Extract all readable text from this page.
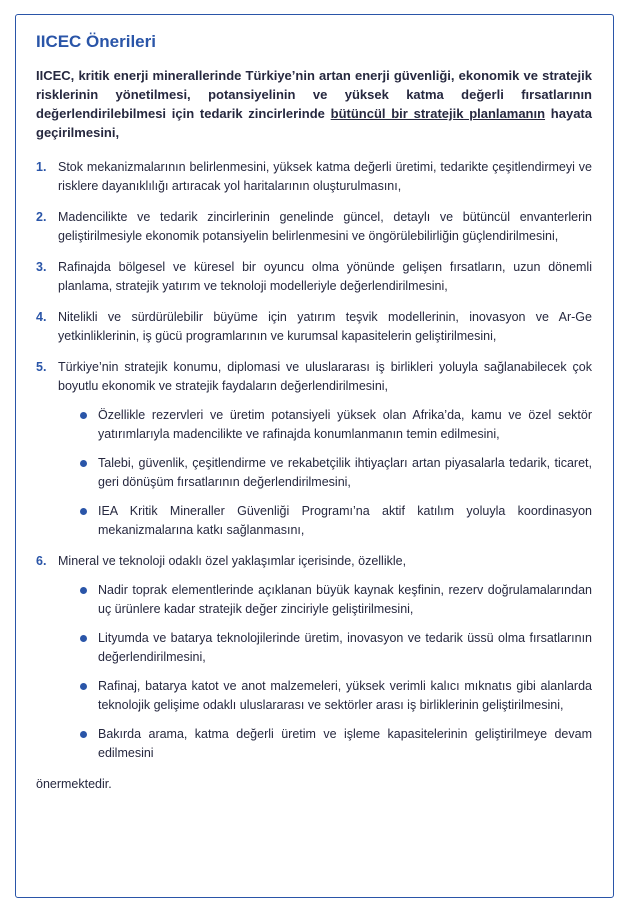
IICEC Önerileri

IICEC, kritik enerji minerallerinde Türkiye’nin artan enerji güvenliği, ekonomik ve stratejik risklerinin yönetilmesi, potansiyelinin ve yüksek katma değerli fırsatlarının değerlendirilebilmesi için tedarik zincirlerinde bütüncül bir stratejik planlamanın hayata geçirilmesini,

1. Stok mekanizmalarının belirlenmesini, yüksek katma değerli üretimi, tedarikte çeşitlendirmeyi ve risklere dayanıklılığı artıracak yol haritalarının oluşturulmasını,
2. Madencilikte ve tedarik zincirlerinin genelinde güncel, detaylı ve bütüncül envanterlerin geliştirilmesiyle ekonomik potansiyelin belirlenmesini ve öngörülebilirliğin güçlendirilmesini,
3. Rafinajda bölgesel ve küresel bir oyuncu olma yönünde gelişen fırsatların, uzun dönemli planlama, stratejik yatırım ve teknoloji modelleriyle değerlendirilmesini,
4. Nitelikli ve sürdürülebilir büyüme için yatırım teşvik modellerinin, inovasyon ve Ar-Ge yetkinliklerinin, iş gücü programlarının ve kurumsal kapasitelerin geliştirilmesini,
5. Türkiye’nin stratejik konumu, diplomasi ve uluslararası iş birlikleri yoluyla sağlanabilecek çok boyutlu ekonomik ve stratejik faydaların değerlendirilmesini,
Özellikle rezervleri ve üretim potansiyeli yüksek olan Afrika’da, kamu ve özel sektör yatırımlarıyla madencilikte ve rafinajda konumlanmanın temin edilmesini,
Talebi, güvenlik, çeşitlendirme ve rekabetçilik ihtiyaçları artan piyasalarla tedarik, ticaret, geri dönüşüm fırsatlarının değerlendirilmesini,
IEA Kritik Mineraller Güvenliği Programı’na aktif katılım yoluyla koordinasyon mekanizmalarına katkı sağlanmasını,
6. Mineral ve teknoloji odaklı özel yaklaşımlar içerisinde, özellikle,
Nadir toprak elementlerinde açıklanan büyük kaynak keşfinin, rezerv doğrulamalarından uç ürünlere kadar stratejik değer zinciriyle geliştirilmesini,
Lityumda ve batarya teknolojilerinde üretim, inovasyon ve tedarik üssü olma fırsatlarının değerlendirilmesini,
Rafinaj, batarya katot ve anot malzemeleri, yüksek verimli kalıcı mıknatıs gibi alanlarda teknolojik gelişime odaklı uluslararası ve sektörler arası iş birliklerinin geliştirilmesini,
Bakırda arama, katma değerli üretim ve işleme kapasitelerinin geliştirilmeye devam edilmesini
önermektedir.
